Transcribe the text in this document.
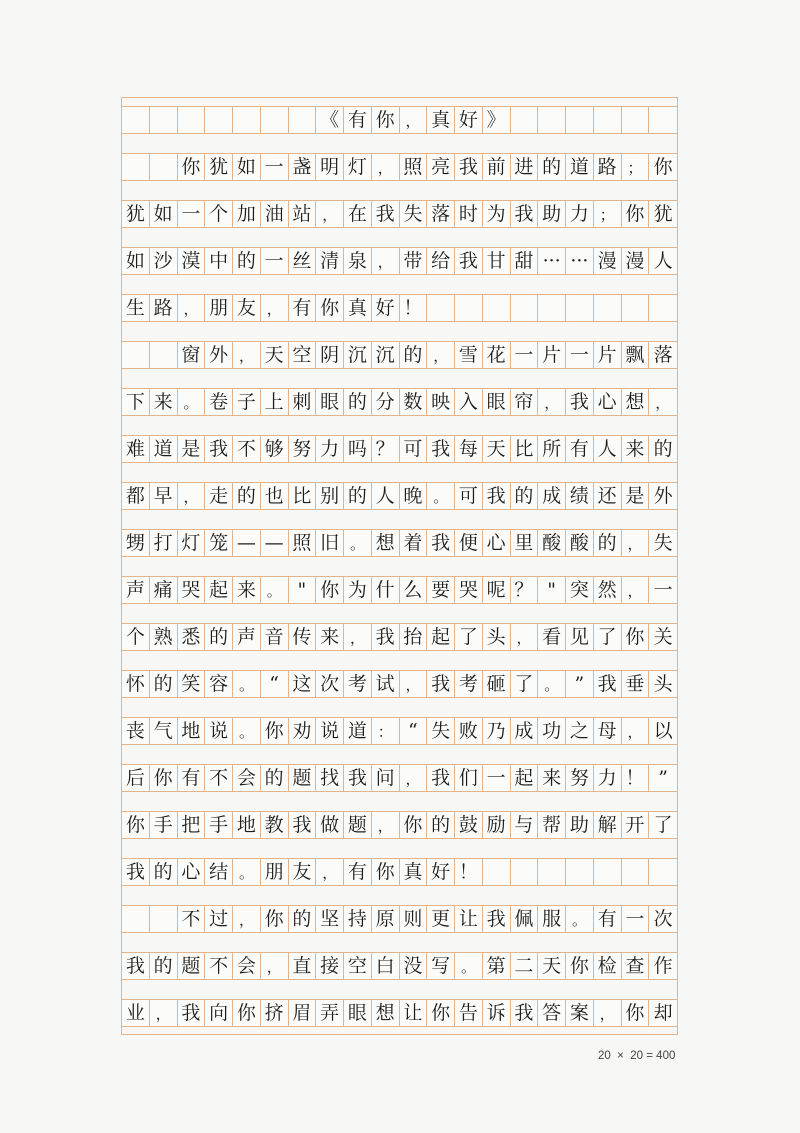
《 有 你 ， 真 好 》
你 犹 如 一 盏 明 灯 ， 照 亮 我 前 进 的 道 路 ； 你
犹 如 一 个 加 油 站 ， 在 我 失 落 时 为 我 助 力 ； 你 犹
如 沙 漠 中 的 一 丝 清 泉 ， 带 给 我 甘 甜 ··· ··· 漫 漫 人
生 路 ， 朋 友 ， 有 你 真 好 ！
窗 外 ， 天 空 阴 沉 沉 的 ， 雪 花 一 片 一 片 飘 落
下 来 。 卷 子 上 刺 眼 的 分 数 映 入 眼 帘 ， 我 心 想 ，
难 道 是 我 不 够 努 力 吗 ？ 可 我 每 天 比 所 有 人 来 的
都 早 ， 走 的 也 比 别 的 人 晚 。 可 我 的 成 绩 还 是 外
甥 打 灯 笼 — — 照 旧 。 想 着 我 便 心 里 酸 酸 的 ， 失
声 痛 哭 起 来 。 " 你 为 什 么 要 哭 呢 ？ " 突 然 ， 一
个 熟 悉 的 声 音 传 来 ， 我 抬 起 了 头 ， 看 见 了 你 关
怀 的 笑 容 。 “ 这 次 考 试 ， 我 考 砸 了 。 ” 我 垂 头
丧 气 地 说 。 你 劝 说 道 ： “ 失 败 乃 成 功 之 母 ， 以
后 你 有 不 会 的 题 找 我 问 ， 我 们 一 起 来 努 力 ！ ”
你 手 把 手 地 教 我 做 题 ， 你 的 鼓 励 与 帮 助 解 开 了
我 的 心 结 。 朋 友 ， 有 你 真 好 ！
不 过 ， 你 的 坚 持 原 则 更 让 我 佩 服 。 有 一 次
我 的 题 不 会 ， 直 接 空 白 没 写 。 第 二 天 你 检 查 作
业 ， 我 向 你 挤 眉 弄 眼 想 让 你 告 诉 我 答 案 ， 你 却
20  ×  20 = 400
